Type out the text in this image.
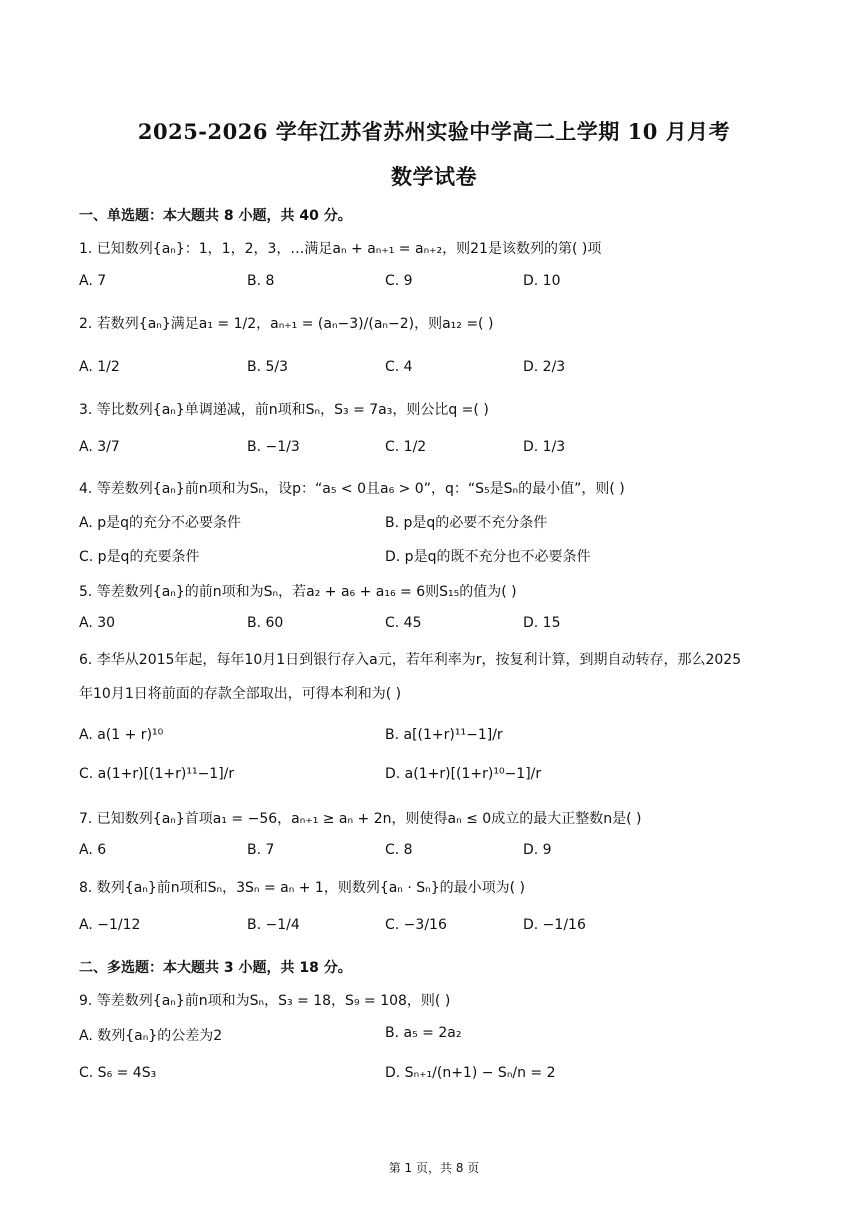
2025-2026 学年江苏省苏州实验中学高二上学期 10 月月考
数学试卷
一、单选题：本大题共 8 小题，共 40 分。
1. 已知数列{aₙ}：1，1，2，3，…满足aₙ + aₙ₊₁ = aₙ₊₂，则21是该数列的第( )项
A. 7	B. 8	C. 9	D. 10
2. 若数列{aₙ}满足a₁ = 1/2，aₙ₊₁ = (aₙ−3)/(aₙ−2)，则a₁₂ =( )
A. 1/2	B. 5/3	C. 4	D. 2/3
3. 等比数列{aₙ}单调递减，前n项和Sₙ，S₃ = 7a₃，则公比q =( )
A. 3/7	B. −1/3	C. 1/2	D. 1/3
4. 等差数列{aₙ}前n项和为Sₙ，设p：“a₅ < 0且a₆ > 0”，q：“S₅是Sₙ的最小值”，则( )
A. p是q的充分不必要条件	B. p是q的必要不充分条件
C. p是q的充要条件	D. p是q的既不充分也不必要条件
5. 等差数列{aₙ}的前n项和为Sₙ，若a₂ + a₆ + a₁₆ = 6则S₁₅的值为( )
A. 30	B. 60	C. 45	D. 15
6. 李华从2015年起，每年10月1日到银行存入a元，若年利率为r，按复利计算，到期自动转存，那么2025
年10月1日将前面的存款全部取出，可得本利和为( )
A. a(1 + r)¹⁰	B. a[(1+r)¹¹−1]/r
C. a(1+r)[(1+r)¹¹−1]/r	D. a(1+r)[(1+r)¹⁰−1]/r
7. 已知数列{aₙ}首项a₁ = −56，aₙ₊₁ ≥ aₙ + 2n，则使得aₙ ≤ 0成立的最大正整数n是( )
A. 6	B. 7	C. 8	D. 9
8. 数列{aₙ}前n项和Sₙ，3Sₙ = aₙ + 1，则数列{aₙ · Sₙ}的最小项为( )
A. −1/12	B. −1/4	C. −3/16	D. −1/16
二、多选题：本大题共 3 小题，共 18 分。
9. 等差数列{aₙ}前n项和为Sₙ，S₃ = 18，S₉ = 108，则( )
A. 数列{aₙ}的公差为2	B. a₅ = 2a₂
C. S₆ = 4S₃	D. Sₙ₊₁/(n+1) − Sₙ/n = 2
第 1 页，共 8 页
